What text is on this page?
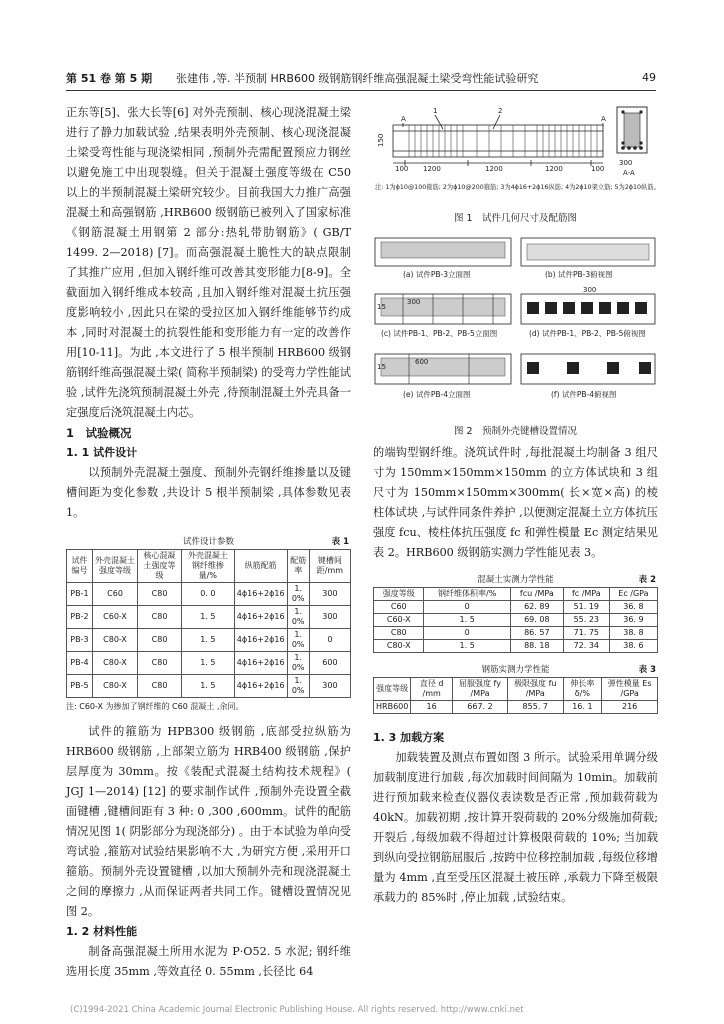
第 51 卷 第 5 期 张建伟 ,等. 半预制 HRB600 级钢筋钢纤维高强混凝土梁受弯性能试验研究	49

正东等[5]、张大长等[6] 对外壳预制、核心现浇混凝土梁进行了静力加载试验 ,结果表明外壳预制、核心现浇混凝土梁受弯性能与现浇梁相同 ,预制外壳需配置预应力钢丝以避免施工中出现裂缝。但关于混凝土强度等级在 C50 以上的半预制混凝土梁研究较少。目前我国大力推广高强混凝土和高强钢筋 ,HRB600 级钢筋已被列入了国家标准《钢筋混凝土用钢第 2 部分:热轧带肋钢筋》( GB/T 1499. 2—2018) [7]。而高强混凝土脆性大的缺点限制了其推广应用 ,但加入钢纤维可改善其变形能力[8-9]。全截面加入钢纤维成本较高 ,且加入钢纤维对混凝土抗压强度影响较小 ,因此只在梁的受拉区加入钢纤维能够节约成本 ,同时对混凝土的抗裂性能和变形能力有一定的改善作用[10-11]。为此 ,本文进行了 5 根半预制 HRB600 级钢筋钢纤维高强混凝土梁( 简称半预制梁) 的受弯力学性能试验 ,试件先浇筑预制混凝土外壳 ,待预制混凝土外壳具备一定强度后浇筑混凝土内芯。

1　试验概况
1. 1 试件设计

以预制外壳混凝土强度、预制外壳钢纤维掺量以及键槽间距为变化参数 ,共设计 5 根半预制梁 ,具体参数见表 1。

试件设计参数	表 1
试件编号	外壳混凝土强度等级	核心混凝土强度等级	外壳混凝土钢纤维掺量/%	纵筋配筋	配筋率	键槽间距/mm
PB-1	C60	C80	0. 0	4ϕ16+2ϕ16	1. 0%	300
PB-2	C60-X	C80	1. 5	4ϕ16+2ϕ16	1. 0%	300
PB-3	C80-X	C80	1. 5	4ϕ16+2ϕ16	1. 0%	0
PB-4	C80-X	C80	1. 5	4ϕ16+2ϕ16	1. 0%	600
PB-5	C80-X	C80	1. 5	4ϕ16+2ϕ16	1. 0%	300
注: C60-X 为掺加了钢纤维的 C60 混凝土 ,余同。

试件的箍筋为 HPB300 级钢筋 ,底部受拉纵筋为 HRB600 级钢筋 ,上部架立筋为 HRB400 级钢筋 ,保护层厚度为 30mm。按《装配式混凝土结构技术规程》( JGJ 1—2014) [12] 的要求制作试件 ,预制外壳设置全截面键槽 ,键槽间距有 3 种: 0 ,300 ,600mm。试件的配筋情况见图 1( 阴影部分为现浇部分) 。由于本试验为单向受弯试验 ,箍筋对试验结果影响不大 ,为研究方便 ,采用开口箍筋。预制外壳设置键槽 ,以加大预制外壳和现浇混凝土之间的摩擦力 ,从而保证两者共同工作。键槽设置情况见图 2。

1. 2 材料性能

制备高强混凝土所用水泥为 P·O52. 5 水泥; 钢纤维选用长度 35mm ,等效直径 0. 55mm ,长径比 64

1	2
A	A
150
100 1200	1200	1200	100
300
A-A
注: 1为ϕ10@100箍筋; 2为ϕ10@200箍筋; 3为4ϕ16+2ϕ16纵筋; 4为2ϕ10架立筋; 5为2ϕ10纵筋。
图 1　试件几何尺寸及配筋图
(a) 试件PB-3立面图	(b) 试件PB-3俯视图
15
300
(c) 试件PB-1、PB-2、PB-5立面图
300
(d) 试件PB-1、PB-2、PB-5俯视图
15
600
(e) 试件PB-4立面图	(f) 试件PB-4俯视图
图 2　预制外壳键槽设置情况

的端钩型钢纤维。浇筑试件时 ,每批混凝土均制备 3 组尺寸为 150mm×150mm×150mm 的立方体试块和 3 组尺寸为 150mm×150mm×300mm( 长×宽×高) 的棱柱体试块 ,与试件同条件养护 ,以便测定混凝土立方体抗压强度 fcu、棱柱体抗压强度 fc 和弹性模量 Ec 测定结果见表 2。HRB600 级钢筋实测力学性能见表 3。

混凝土实测力学性能	表 2
强度等级	钢纤维体积率/%	fcu /MPa	fc /MPa	Ec /GPa
C60	0	62. 89	51. 19	36. 8
C60-X	1. 5	69. 08	55. 23	36. 9
C80	0	86. 57	71. 75	38. 8
C80-X	1. 5	88. 18	72. 34	38. 6
钢筋实测力学性能	表 3
强度等级	直径 d /mm	屈服强度 fy /MPa	极限强度 fu /MPa	伸长率 δ/%	弹性模量 Es /GPa
HRB600	16	667. 2	855. 7	16. 1	216
1. 3 加载方案

加载装置及测点布置如图 3 所示。试验采用单调分级加载制度进行加载 ,每次加载时间间隔为 10min。加载前进行预加载来检查仪器仪表读数是否正常 ,预加载荷载为 40kN。加载初期 ,按计算开裂荷载的 20%分级施加荷载; 开裂后 ,每级加载不得超过计算极限荷载的 10%; 当加载到纵向受拉钢筋屈服后 ,按跨中位移控制加载 ,每级位移增量为 4mm ,直至受压区混凝土被压碎 ,承载力下降至极限承载力的 85%时 ,停止加载 ,试验结束。

(C)1994-2021 China Academic Journal Electronic Publishing House. All rights reserved. http://www.cnki.net
